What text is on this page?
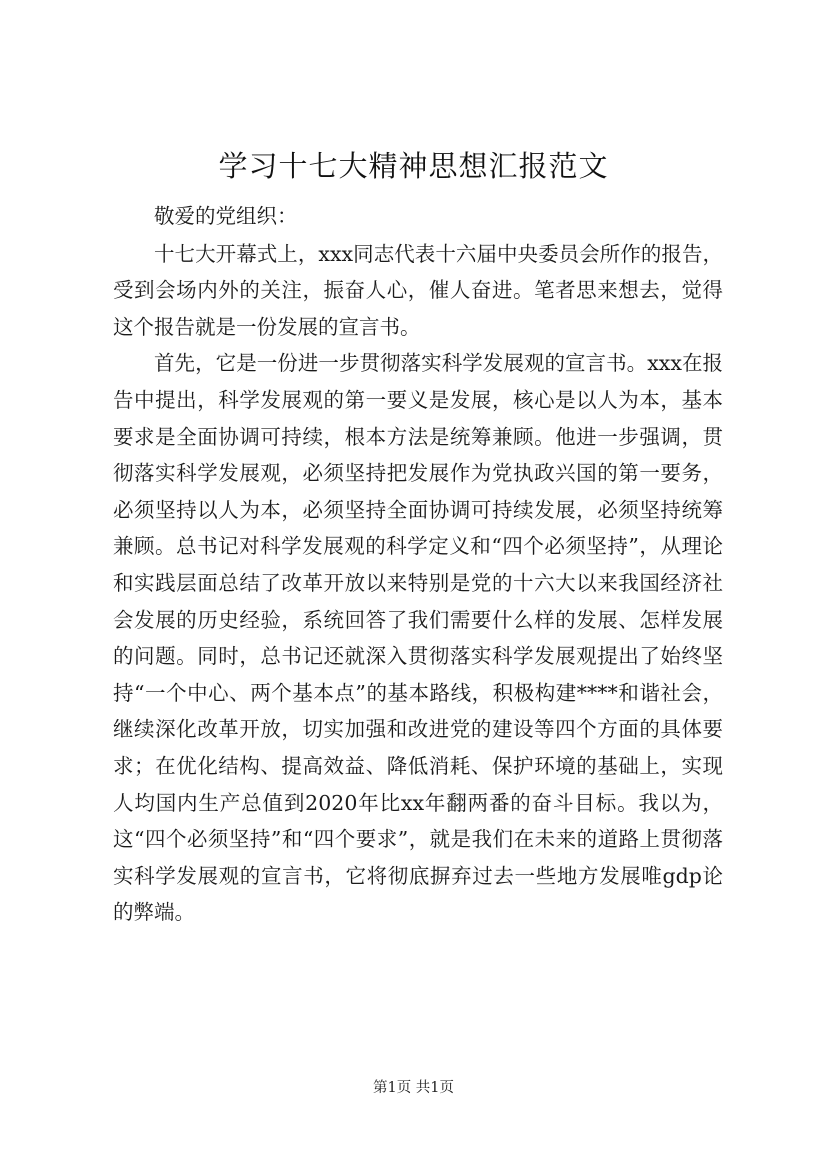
学习十七大精神思想汇报范文

敬爱的党组织：

十七大开幕式上，xxx同志代表十六届中央委员会所作的报告，受到会场内外的关注，振奋人心，催人奋进。笔者思来想去，觉得这个报告就是一份发展的宣言书。

首先，它是一份进一步贯彻落实科学发展观的宣言书。xxx在报告中提出，科学发展观的第一要义是发展，核心是以人为本，基本要求是全面协调可持续，根本方法是统筹兼顾。他进一步强调，贯彻落实科学发展观，必须坚持把发展作为党执政兴国的第一要务，必须坚持以人为本，必须坚持全面协调可持续发展，必须坚持统筹兼顾。总书记对科学发展观的科学定义和“四个必须坚持”，从理论和实践层面总结了改革开放以来特别是党的十六大以来我国经济社会发展的历史经验，系统回答了我们需要什么样的发展、怎样发展的问题。同时，总书记还就深入贯彻落实科学发展观提出了始终坚持“一个中心、两个基本点”的基本路线，积极构建****和谐社会，继续深化改革开放，切实加强和改进党的建设等四个方面的具体要求；在优化结构、提高效益、降低消耗、保护环境的基础上，实现人均国内生产总值到2020年比xx年翻两番的奋斗目标。我以为，这“四个必须坚持”和“四个要求”，就是我们在未来的道路上贯彻落实科学发展观的宣言书，它将彻底摒弃过去一些地方发展唯gdp论的弊端。

第1页 共1页
